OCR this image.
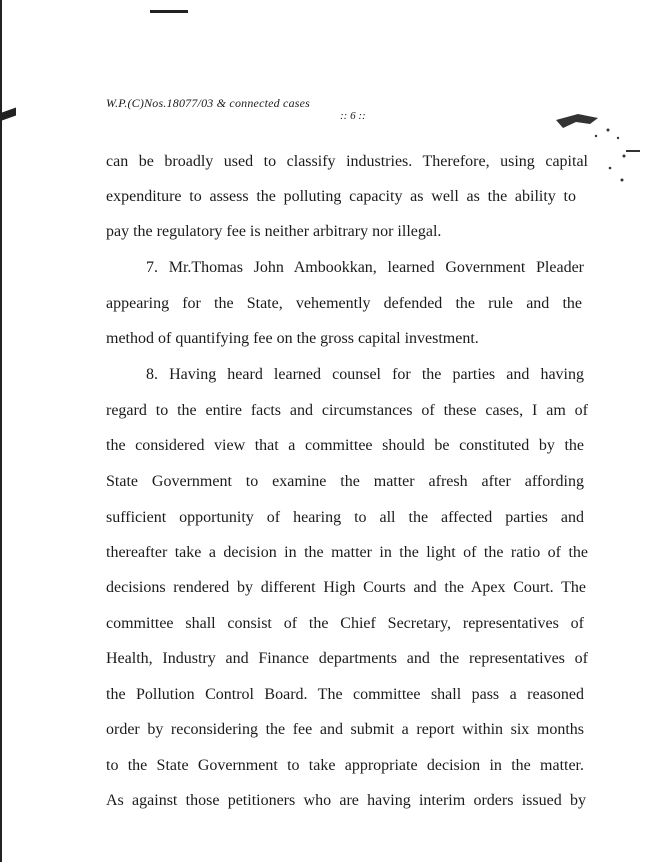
W.P.(C)Nos.18077/03 & connected cases
:: 6 ::
can be broadly used to classify industries. Therefore, using capital
expenditure to assess the polluting capacity as well as the ability to
pay the regulatory fee is neither arbitrary nor illegal.
7. Mr.Thomas John Ambookkan, learned Government Pleader
appearing for the State, vehemently defended the rule and the
method of quantifying fee on the gross capital investment.
8. Having heard learned counsel for the parties and having
regard to the entire facts and circumstances of these cases, I am of
the considered view that a committee should be constituted by the
State Government to examine the matter afresh after affording
sufficient opportunity of hearing to all the affected parties and
thereafter take a decision in the matter in the light of the ratio of the
decisions rendered by different High Courts and the Apex Court. The
committee shall consist of the Chief Secretary, representatives of
Health, Industry and Finance departments and the representatives of
the Pollution Control Board. The committee shall pass a reasoned
order by reconsidering the fee and submit a report within six months
to the State Government to take appropriate decision in the matter.
As against those petitioners who are having interim orders issued by
